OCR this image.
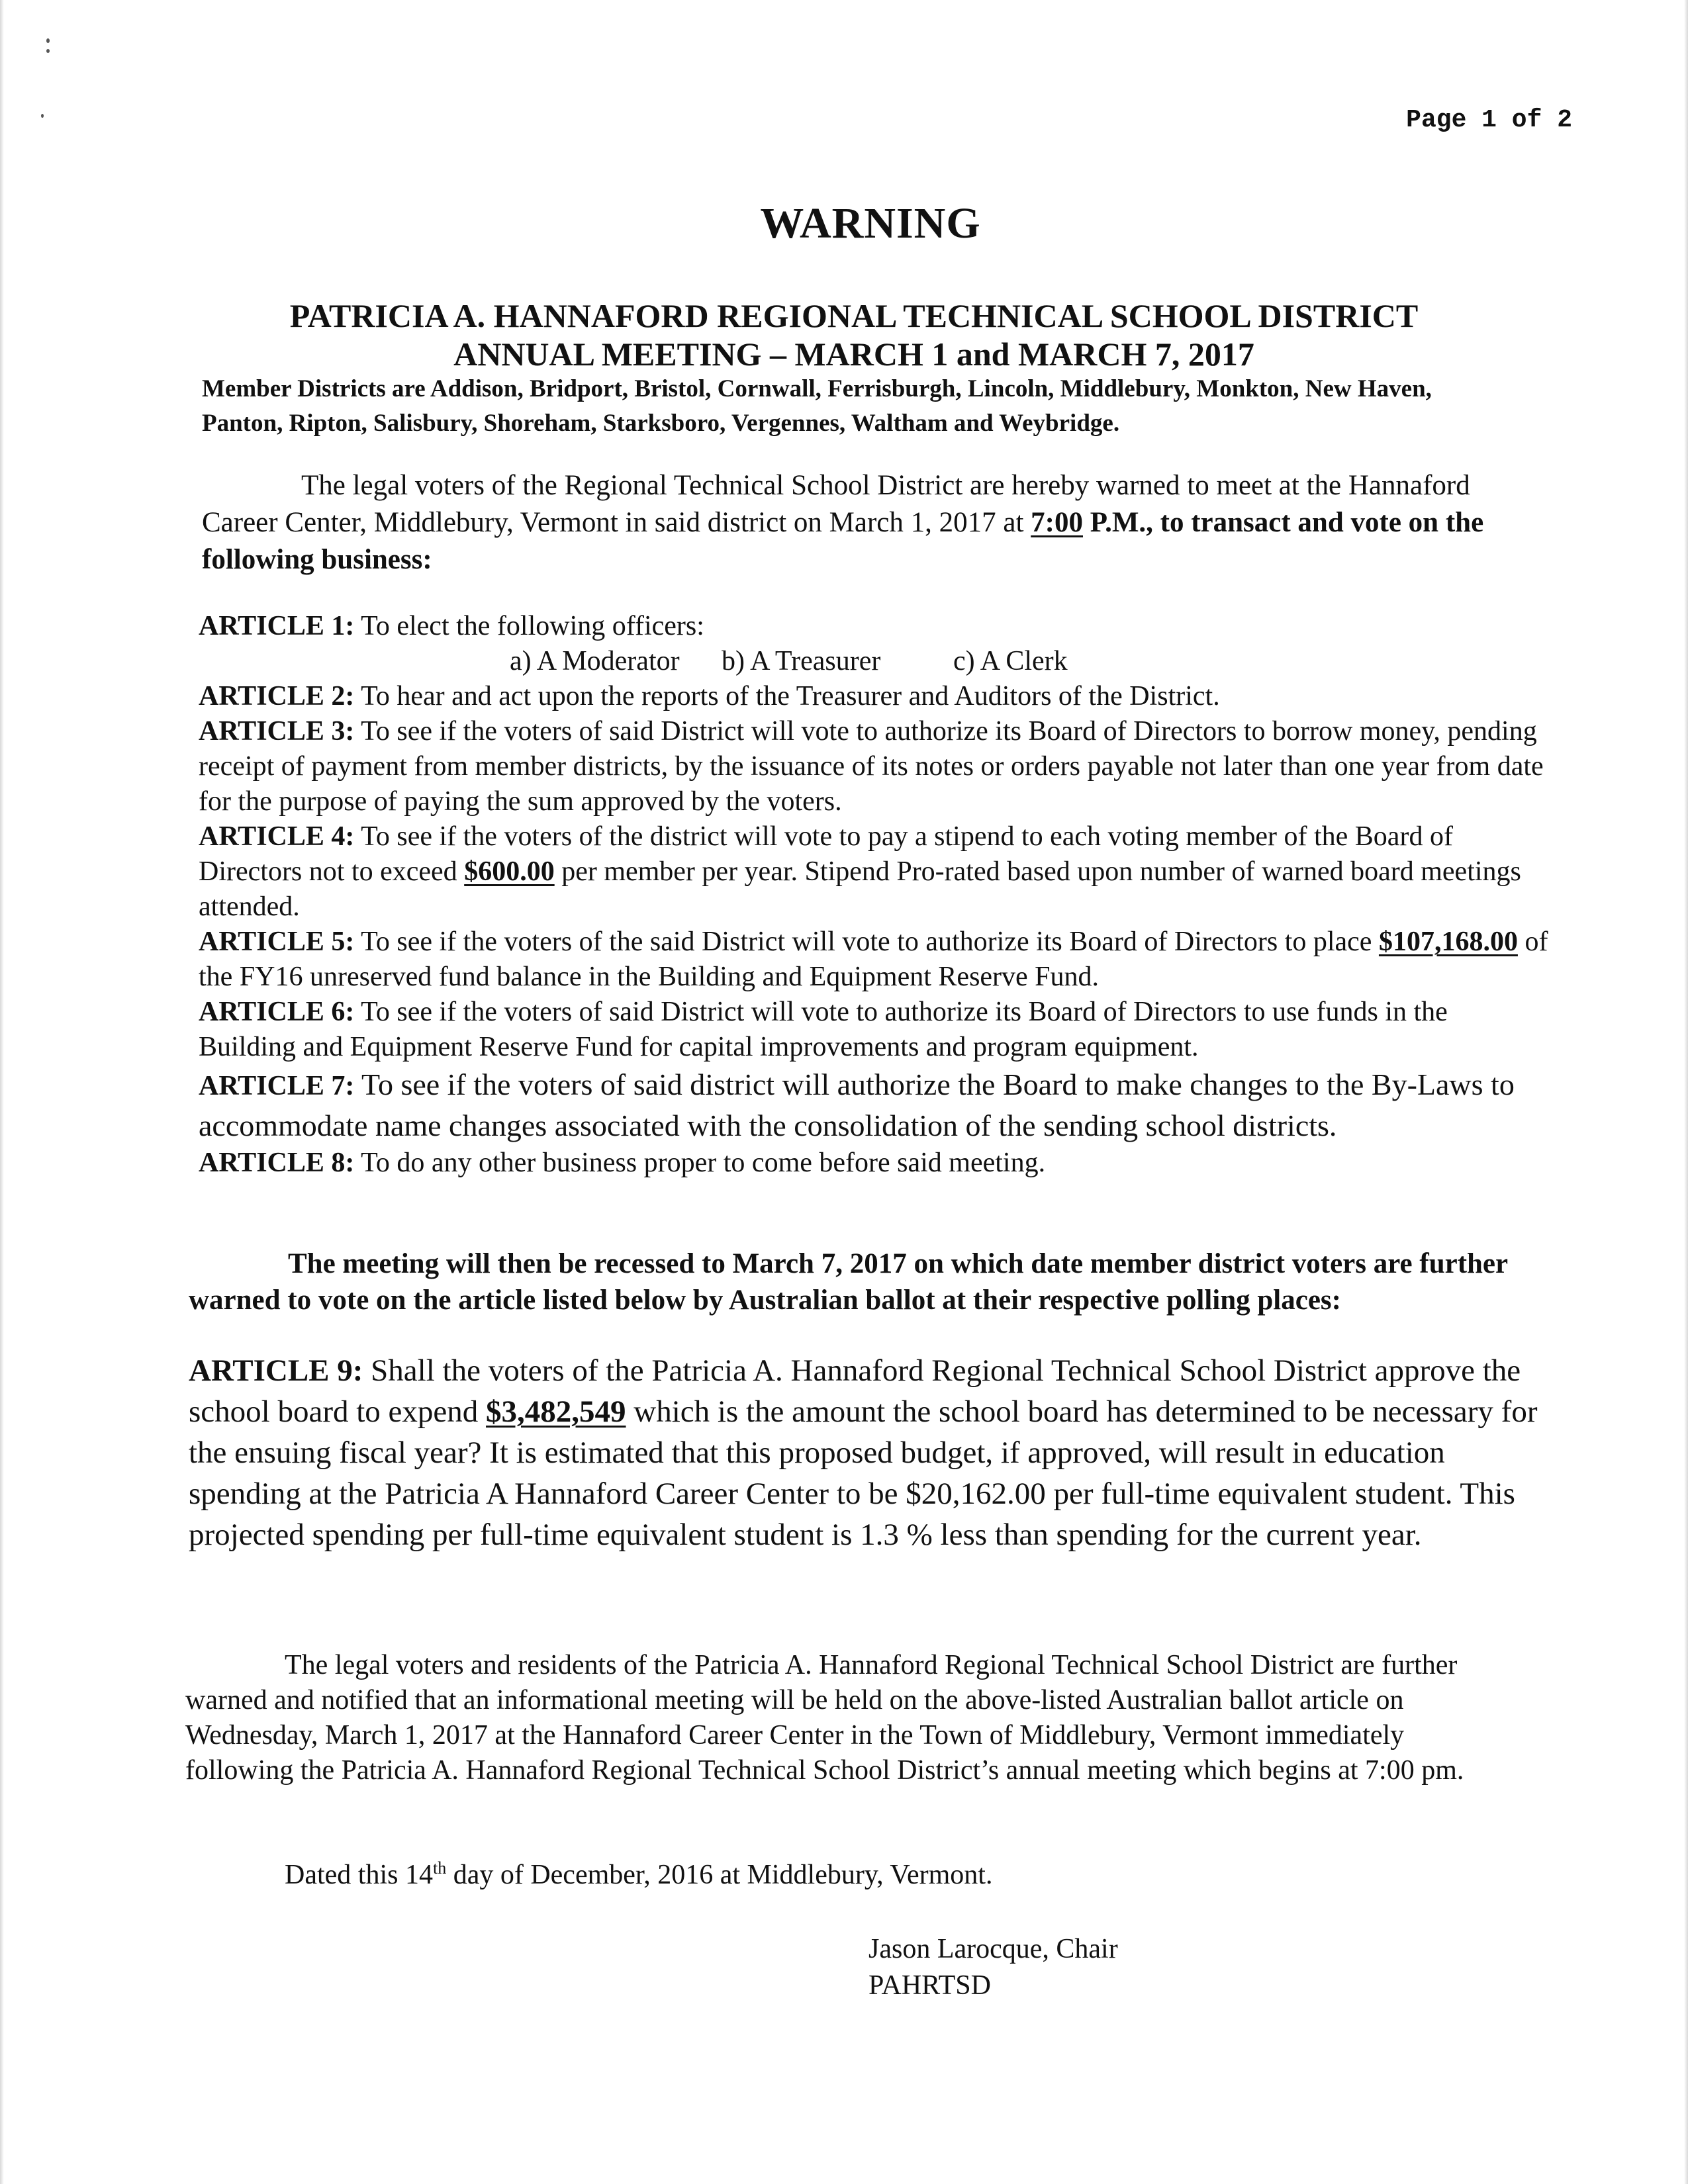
Page 1 of 2
WARNING
PATRICIA A. HANNAFORD REGIONAL TECHNICAL SCHOOL DISTRICT
ANNUAL MEETING – MARCH 1 and MARCH 7, 2017
Member Districts are Addison, Bridport, Bristol, Cornwall, Ferrisburgh, Lincoln, Middlebury, Monkton, New Haven, Panton, Ripton, Salisbury, Shoreham, Starksboro, Vergennes, Waltham and Weybridge.
The legal voters of the Regional Technical School District are hereby warned to meet at the Hannaford Career Center, Middlebury, Vermont in said district on March 1, 2017 at 7:00 P.M., to transact and vote on the following business:
ARTICLE 1: To elect the following officers:
a) A Moderator b) A Treasurer	c) A Clerk
ARTICLE 2: To hear and act upon the reports of the Treasurer and Auditors of the District.
ARTICLE 3: To see if the voters of said District will vote to authorize its Board of Directors to borrow money, pending receipt of payment from member districts, by the issuance of its notes or orders payable not later than one year from date for the purpose of paying the sum approved by the voters.
ARTICLE 4: To see if the voters of the district will vote to pay a stipend to each voting member of the Board of Directors not to exceed $600.00 per member per year. Stipend Pro-rated based upon number of warned board meetings attended.
ARTICLE 5: To see if the voters of the said District will vote to authorize its Board of Directors to place $107,168.00 of the FY16 unreserved fund balance in the Building and Equipment Reserve Fund.
ARTICLE 6: To see if the voters of said District will vote to authorize its Board of Directors to use funds in the Building and Equipment Reserve Fund for capital improvements and program equipment.
ARTICLE 7: To see if the voters of said district will authorize the Board to make changes to the By-Laws to accommodate name changes associated with the consolidation of the sending school districts.
ARTICLE 8: To do any other business proper to come before said meeting.
The meeting will then be recessed to March 7, 2017 on which date member district voters are further warned to vote on the article listed below by Australian ballot at their respective polling places:
ARTICLE 9: Shall the voters of the Patricia A. Hannaford Regional Technical School District approve the school board to expend $3,482,549 which is the amount the school board has determined to be necessary for the ensuing fiscal year? It is estimated that this proposed budget, if approved, will result in education spending at the Patricia A Hannaford Career Center to be $20,162.00 per full-time equivalent student. This projected spending per full-time equivalent student is 1.3 % less than spending for the current year.
The legal voters and residents of the Patricia A. Hannaford Regional Technical School District are further warned and notified that an informational meeting will be held on the above-listed Australian ballot article on Wednesday, March 1, 2017 at the Hannaford Career Center in the Town of Middlebury, Vermont immediately following the Patricia A. Hannaford Regional Technical School District’s annual meeting which begins at 7:00 pm.
Dated this 14th day of December, 2016 at Middlebury, Vermont.
Jason Larocque, Chair
PAHRTSD
